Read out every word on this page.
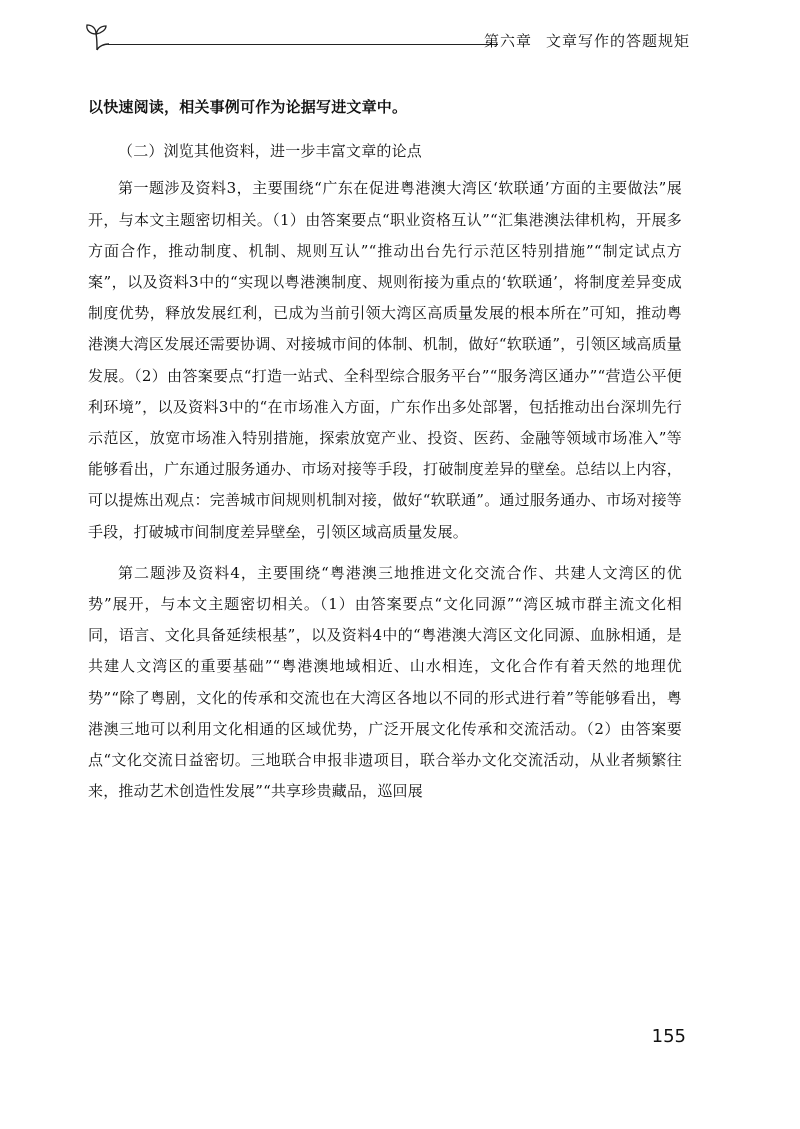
第六章 文章写作的答题规矩

以快速阅读，相关事例可作为论据写进文章中。

（二）浏览其他资料，进一步丰富文章的论点

第一题涉及资料3，主要围绕“广东在促进粤港澳大湾区‘软联通’方面的主要做法”展开，与本文主题密切相关。（1）由答案要点“职业资格互认”“汇集港澳法律机构，开展多方面合作，推动制度、机制、规则互认”“推动出台先行示范区特别措施”“制定试点方案”，以及资料3中的“实现以粤港澳制度、规则衔接为重点的‘软联通’，将制度差异变成制度优势，释放发展红利，已成为当前引领大湾区高质量发展的根本所在”可知，推动粤港澳大湾区发展还需要协调、对接城市间的体制、机制，做好“软联通”，引领区域高质量发展。（2）由答案要点“打造一站式、全科型综合服务平台”“服务湾区通办”“营造公平便利环境”，以及资料3中的“在市场准入方面，广东作出多处部署，包括推动出台深圳先行示范区，放宽市场准入特别措施，探索放宽产业、投资、医药、金融等领域市场准入”等能够看出，广东通过服务通办、市场对接等手段，打破制度差异的壁垒。总结以上内容，可以提炼出观点：完善城市间规则机制对接，做好“软联通”。通过服务通办、市场对接等手段，打破城市间制度差异壁垒，引领区域高质量发展。

第二题涉及资料4，主要围绕“粤港澳三地推进文化交流合作、共建人文湾区的优势”展开，与本文主题密切相关。（1）由答案要点“文化同源”“湾区城市群主流文化相同，语言、文化具备延续根基”，以及资料4中的“粤港澳大湾区文化同源、血脉相通，是共建人文湾区的重要基础”“粤港澳地域相近、山水相连，文化合作有着天然的地理优势”“除了粤剧，文化的传承和交流也在大湾区各地以不同的形式进行着”等能够看出，粤港澳三地可以利用文化相通的区域优势，广泛开展文化传承和交流活动。（2）由答案要点“文化交流日益密切。三地联合申报非遗项目，联合举办文化交流活动，从业者频繁往来，推动艺术创造性发展”“共享珍贵藏品，巡回展

155
